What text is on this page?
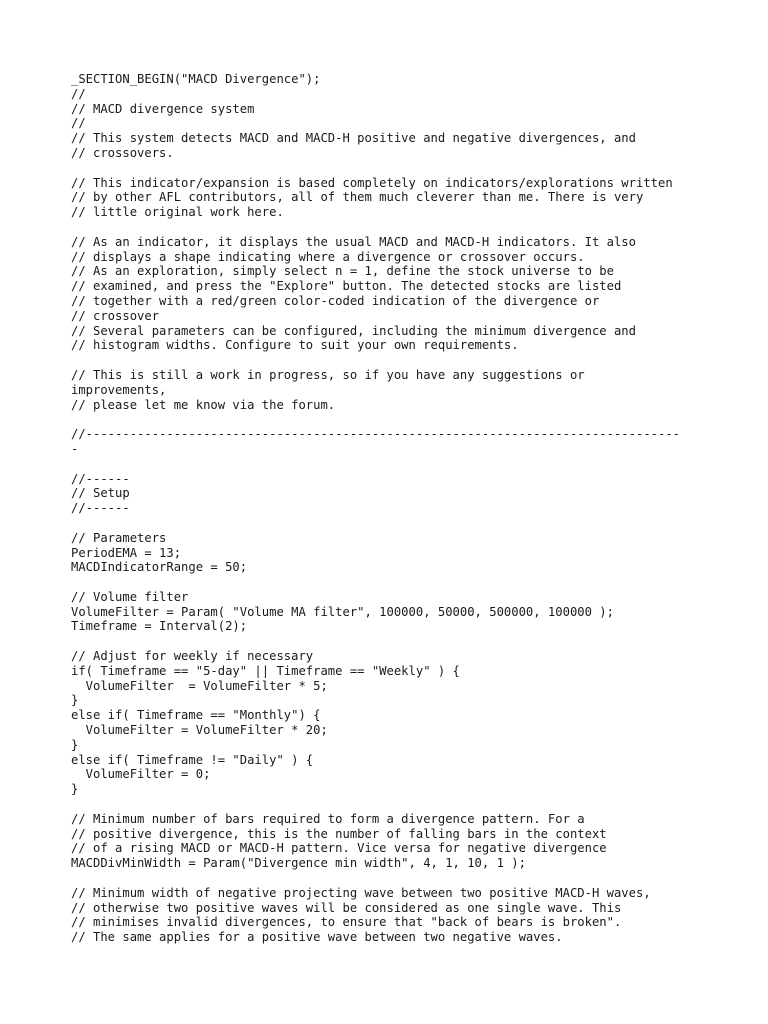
_SECTION_BEGIN("MACD Divergence");
//
// MACD divergence system
//
// This system detects MACD and MACD-H positive and negative divergences, and
// crossovers.
// This indicator/expansion is based completely on indicators/explorations written
// by other AFL contributors, all of them much cleverer than me. There is very
// little original work here.
// As an indicator, it displays the usual MACD and MACD-H indicators. It also
// displays a shape indicating where a divergence or crossover occurs.
// As an exploration, simply select n = 1, define the stock universe to be
// examined, and press the "Explore" button. The detected stocks are listed
// together with a red/green color-coded indication of the divergence or
// crossover
// Several parameters can be configured, including the minimum divergence and
// histogram widths. Configure to suit your own requirements.
// This is still a work in progress, so if you have any suggestions or
improvements,
// please let me know via the forum.
//---------------------------------------------------------------------------------
-
//------
// Setup
//------
// Parameters
PeriodEMA = 13;
MACDIndicatorRange = 50;
// Volume filter
VolumeFilter = Param( "Volume MA filter", 100000, 50000, 500000, 100000 );
Timeframe = Interval(2);
// Adjust for weekly if necessary
if( Timeframe == "5-day" || Timeframe == "Weekly" ) {
VolumeFilter  = VolumeFilter * 5;
}
else if( Timeframe == "Monthly") {
VolumeFilter = VolumeFilter * 20;
}
else if( Timeframe != "Daily" ) {
VolumeFilter = 0;
}
// Minimum number of bars required to form a divergence pattern. For a
// positive divergence, this is the number of falling bars in the context
// of a rising MACD or MACD-H pattern. Vice versa for negative divergence
MACDDivMinWidth = Param("Divergence min width", 4, 1, 10, 1 );
// Minimum width of negative projecting wave between two positive MACD-H waves,
// otherwise two positive waves will be considered as one single wave. This
// minimises invalid divergences, to ensure that "back of bears is broken".
// The same applies for a positive wave between two negative waves.
